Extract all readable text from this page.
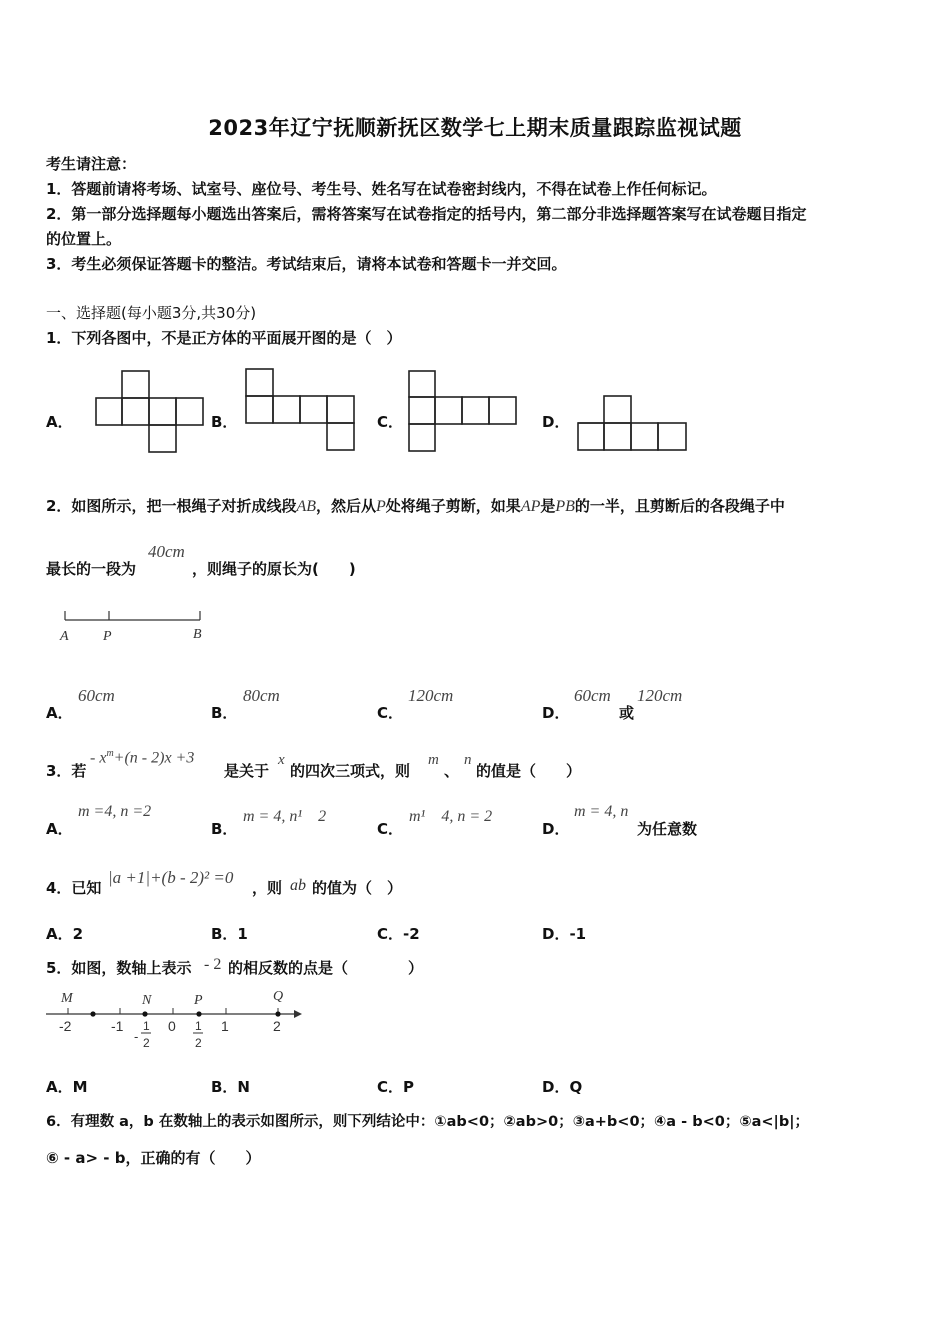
2023年辽宁抚顺新抚区数学七上期末质量跟踪监视试题
考生请注意：
1．答题前请将考场、试室号、座位号、考生号、姓名写在试卷密封线内，不得在试卷上作任何标记。
2．第一部分选择题每小题选出答案后，需将答案写在试卷指定的括号内，第二部分非选择题答案写在试卷题目指定
的位置上。
3．考生必须保证答题卡的整洁。考试结束后，请将本试卷和答题卡一并交回。
一、选择题(每小题3分,共30分)
1．下列各图中，不是正方体的平面展开图的是（　）
A．	B．	C．	D．
2．如图所示，把一根绳子对折成线段AB，然后从P处将绳子剪断，如果AP是PB的一半，且剪断后的各段绳子中
最长的一段为
40cm
，则绳子的原长为(　　)
A P	B
A．
60cm
B．
80cm
C．
120cm
D．
60cm
或
120cm
3．若
- $x^m+(n - 2)x +3$
是关于
x
的四次三项式，则
m
、
n
的值是（　　）
A．
m =4, n =2
B．
m = 4, n¹　2
C．
m¹　4, n = 2
D．
m = 4, n
为任意数
4．已知
|a +1|+(b - 2)² =0
，则 ab 的值为（　）
A．2	B．1	C．-2	D．-1
5．如图，数轴上表示 - 2 的相反数的点是（　　　　）
M	N	P	Q
-2	-1	0	1	2
1
2
-
1
2
A．M	B．N	C．P	D．Q
6．有理数 a，b 在数轴上的表示如图所示，则下列结论中：①ab<0；②ab>0；③a+b<0；④a - b<0；⑤a<|b|；
⑥ - a> - b，正确的有（　　）
